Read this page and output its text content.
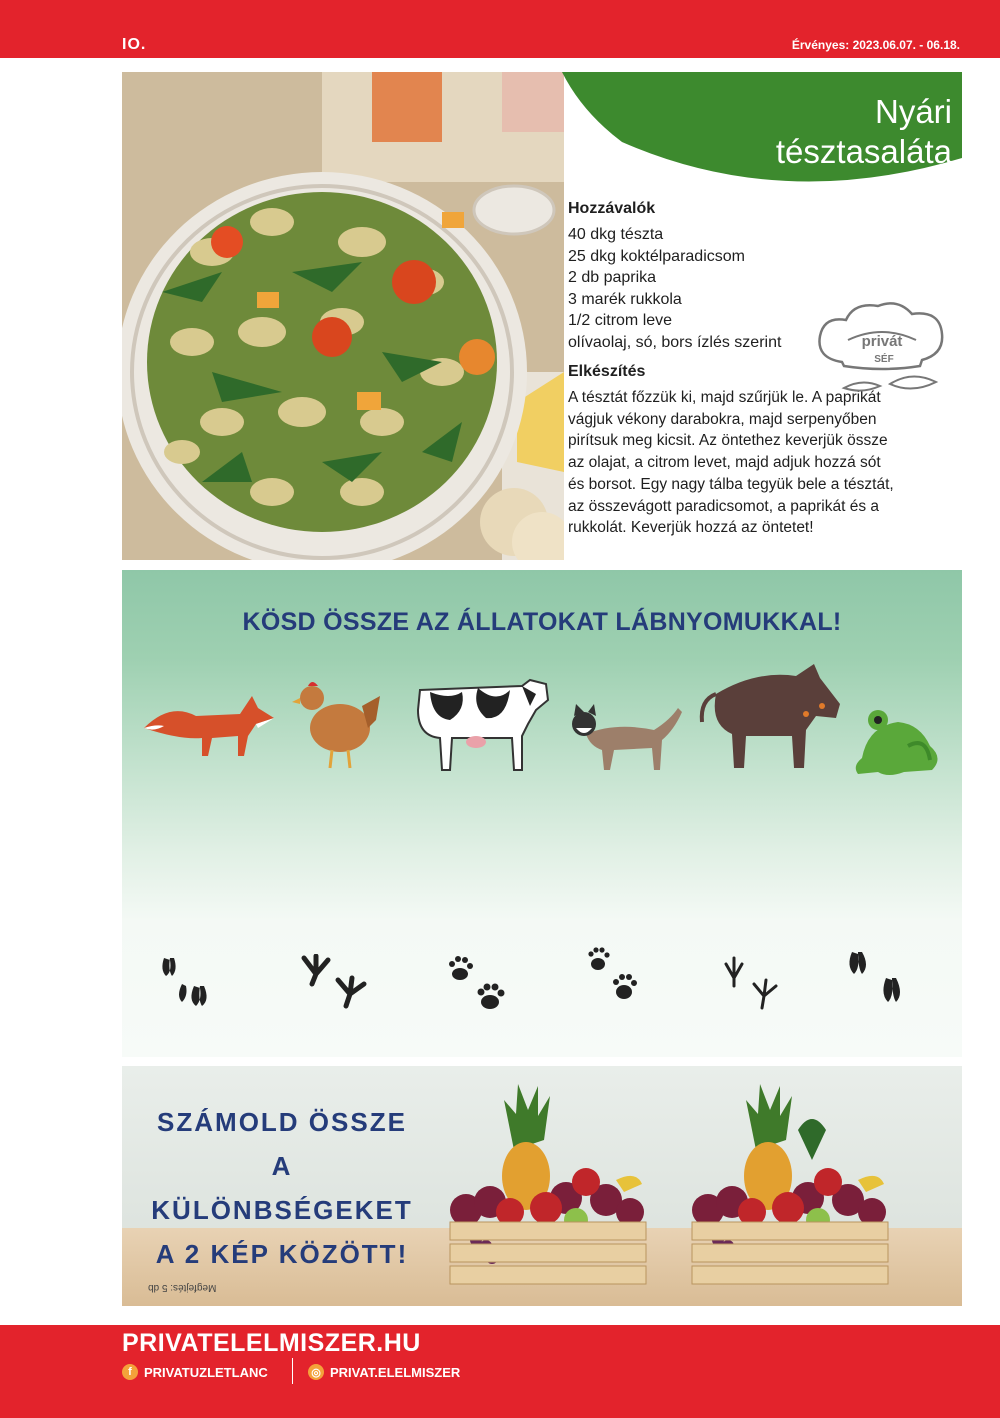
IO.	Érvényes: 2023.06.07. - 06.18.
Nyári
tésztasaláta
Hozzávalók
40 dkg tészta
25 dkg koktélparadicsom
2 db paprika
3 marék rukkola
1/2 citrom leve
olívaolaj, só, bors ízlés szerint
Elkészítés

A tésztát főzzük ki, majd szűrjük le. A paprikát

vágjuk vékony darabokra, majd serpenyőben

pirítsuk meg kicsit. Az öntethez keverjük össze

az olajat, a citrom levet, majd adjuk hozzá sót

és borsot. Egy nagy tálba tegyük bele a tésztát,

az összevágott paradicsomot, a paprikát és a

rukkolát. Keverjük hozzá az öntetet!

privát
SÉF
KÖSD ÖSSZE AZ ÁLLATOKAT LÁBNYOMUKKAL!
SZÁMOLD ÖSSZE
A KÜLÖNBSÉGEKET
A 2 KÉP KÖZÖTT!
Megfejtés: 5 db
PRIVATELELMISZER.HU
f PRIVATUZLETLANC	◎ PRIVAT.ELELMISZER
